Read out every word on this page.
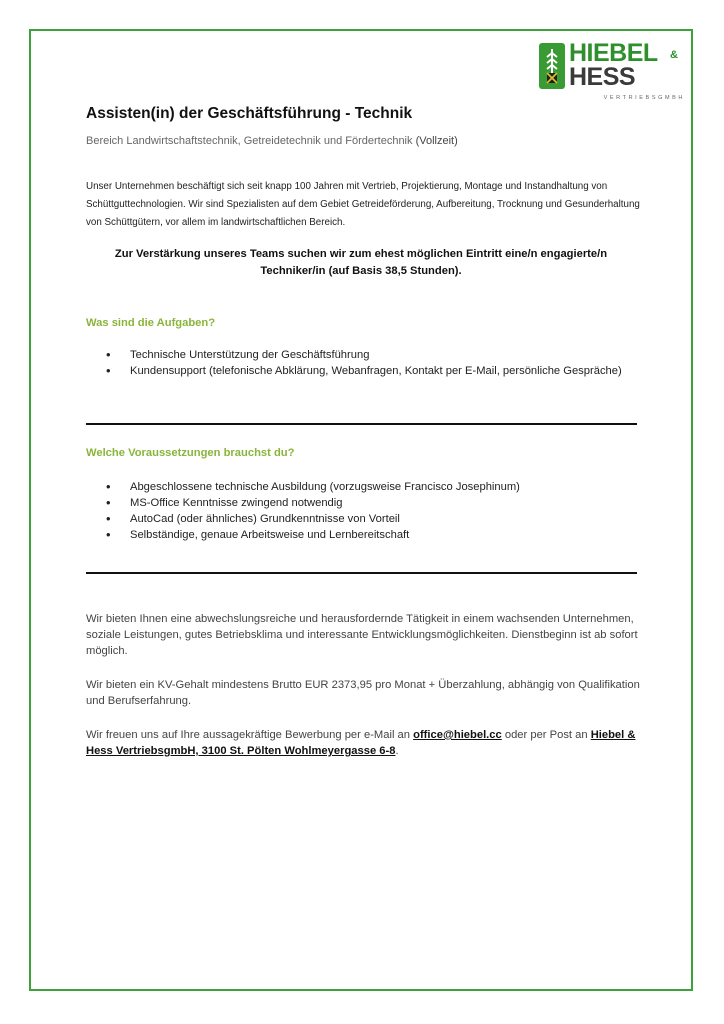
HIEBEL &
HESS
VERTRIEBSGMBH
Assisten(in) der Geschäftsführung - Technik
Bereich Landwirtschaftstechnik, Getreidetechnik und Fördertechnik (Vollzeit)
Unser Unternehmen beschäftigt sich seit knapp 100 Jahren mit Vertrieb, Projektierung, Montage und Instandhaltung von Schüttguttechnologien. Wir sind Spezialisten auf dem Gebiet Getreideförderung, Aufbereitung, Trocknung und Gesunderhaltung von Schüttgütern, vor allem im landwirtschaftlichen Bereich.
Zur Verstärkung unseres Teams suchen wir zum ehest möglichen Eintritt eine/n engagierte/n Techniker/in (auf Basis 38,5 Stunden).
Was sind die Aufgaben?
• Technische Unterstützung der Geschäftsführung
• Kundensupport (telefonische Abklärung, Webanfragen, Kontakt per E-Mail, persönliche Gespräche)
Welche Voraussetzungen brauchst du?
• Abgeschlossene technische Ausbildung (vorzugsweise Francisco Josephinum)
• MS-Office Kenntnisse zwingend notwendig
• AutoCad (oder ähnliches) Grundkenntnisse von Vorteil
• Selbständige, genaue Arbeitsweise und Lernbereitschaft
Wir bieten Ihnen eine abwechslungsreiche und herausfordernde Tätigkeit in einem wachsenden Unternehmen, soziale Leistungen, gutes Betriebsklima und interessante Entwicklungsmöglichkeiten. Dienstbeginn ist ab sofort möglich.
Wir bieten ein KV-Gehalt mindestens Brutto EUR 2373,95 pro Monat + Überzahlung, abhängig von Qualifikation und Berufserfahrung.
Wir freuen uns auf Ihre aussagekräftige Bewerbung per e-Mail an office@hiebel.cc oder per Post an Hiebel & Hess VertriebsgmbH, 3100 St. Pölten Wohlmeyergasse 6-8.
